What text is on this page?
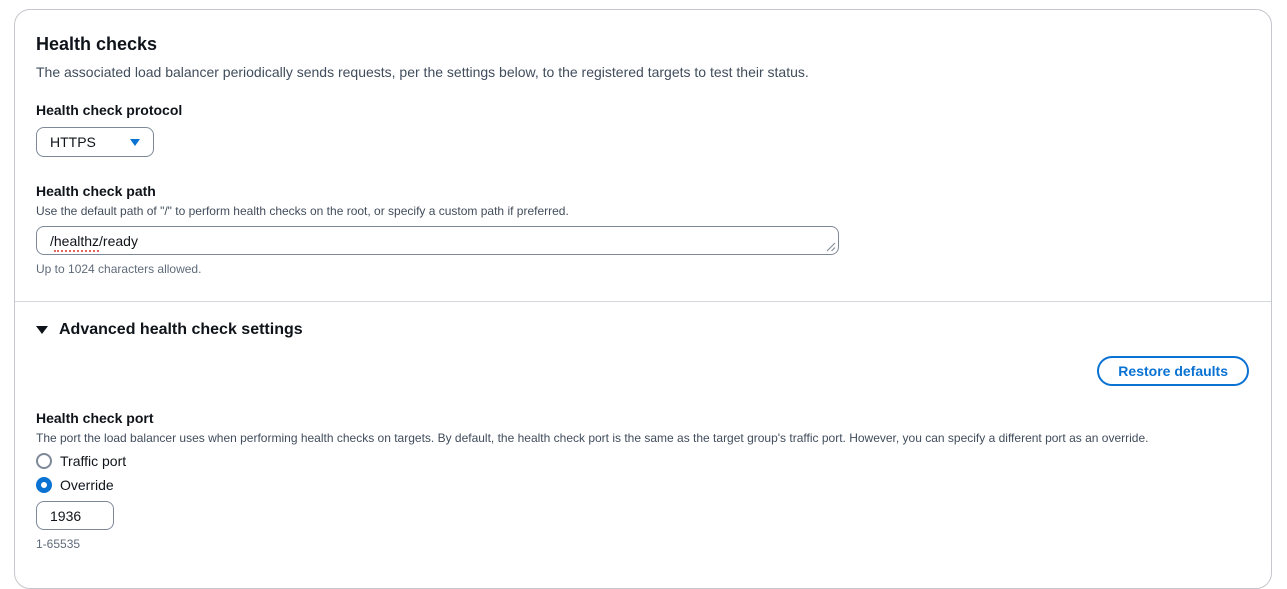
Health checks

The associated load balancer periodically sends requests, per the settings below, to the registered targets to test their status.

Health check protocol
HTTPS
Health check path
Use the default path of "/" to perform health checks on the root, or specify a custom path if preferred.
/healthz/ready
Up to 1024 characters allowed.
Advanced health check settings
Restore defaults
Health check port
The port the load balancer uses when performing health checks on targets. By default, the health check port is the same as the target group's traffic port. However, you can specify a different port as an override.
Traffic port
Override
1936
1-65535
